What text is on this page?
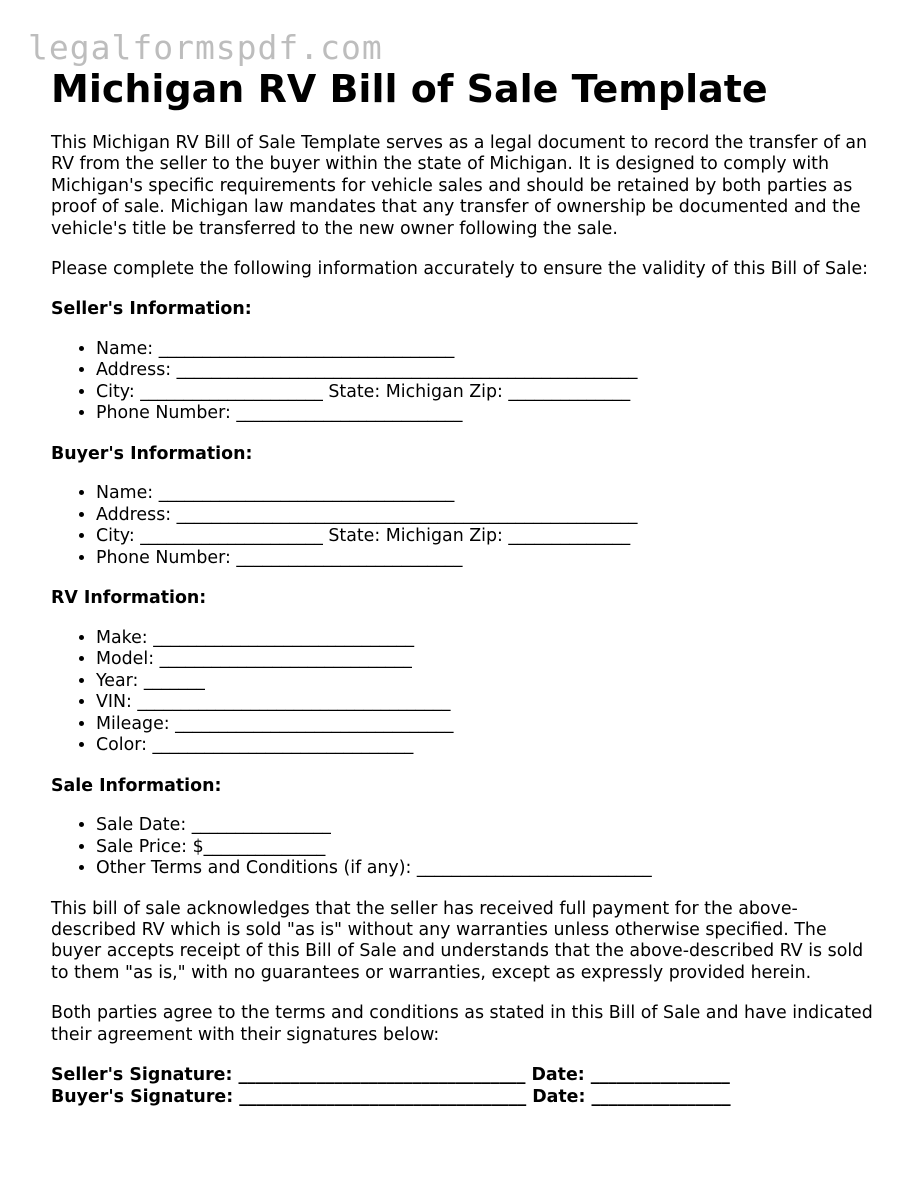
legalformspdf.com
Michigan RV Bill of Sale Template

This Michigan RV Bill of Sale Template serves as a legal document to record the transfer of an RV from the seller to the buyer within the state of Michigan. It is designed to comply with Michigan's specific requirements for vehicle sales and should be retained by both parties as proof of sale. Michigan law mandates that any transfer of ownership be documented and the vehicle's title be transferred to the new owner following the sale.

Please complete the following information accurately to ensure the validity of this Bill of Sale:

Seller's Information:
• Name: __________________________________
• Address: _____________________________________________________
• City: _____________________ State: Michigan Zip: ______________
• Phone Number: __________________________
Buyer's Information:
• Name: __________________________________
• Address: _____________________________________________________
• City: _____________________ State: Michigan Zip: ______________
• Phone Number: __________________________
RV Information:
• Make: ______________________________
• Model: _____________________________
• Year: _______
• VIN: ____________________________________
• Mileage: ________________________________
• Color: ______________________________
Sale Information:
• Sale Date: ________________
• Sale Price: $______________
• Other Terms and Conditions (if any): ___________________________

This bill of sale acknowledges that the seller has received full payment for the above-described RV which is sold "as is" without any warranties unless otherwise specified. The buyer accepts receipt of this Bill of Sale and understands that the above-described RV is sold to them "as is," with no guarantees or warranties, except as expressly provided herein.

Both parties agree to the terms and conditions as stated in this Bill of Sale and have indicated their agreement with their signatures below:

Seller's Signature: _________________________________ Date: ________________
Buyer's Signature: _________________________________ Date: ________________
